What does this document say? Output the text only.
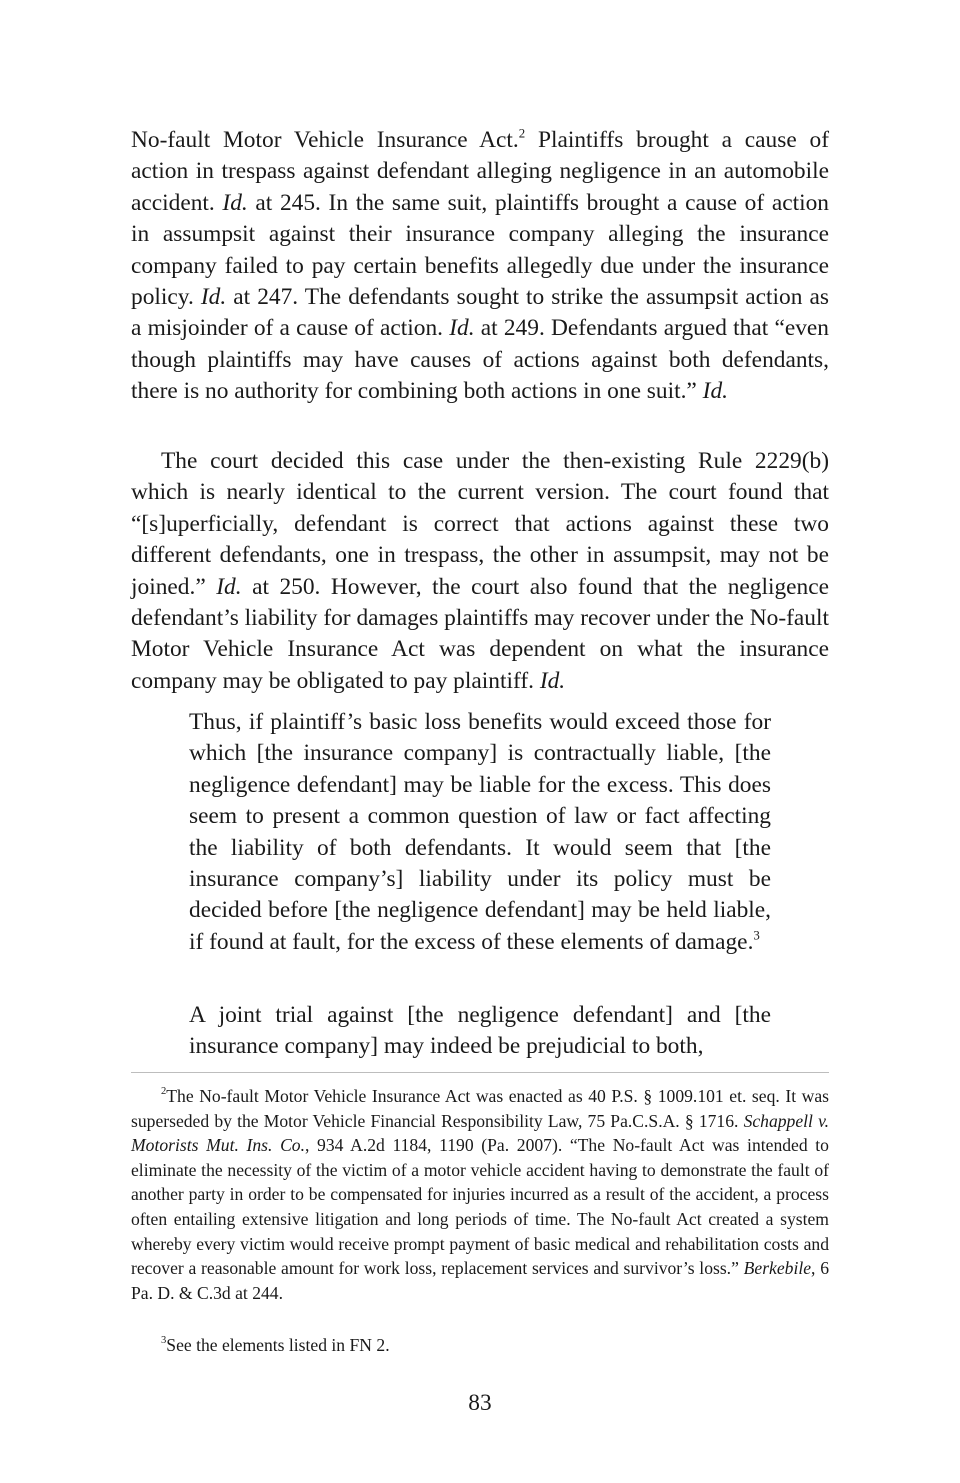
No-fault Motor Vehicle Insurance Act.$^2$ Plaintiffs brought a cause of action in trespass against defendant alleging negligence in an automobile accident. Id. at 245. In the same suit, plaintiffs brought a cause of action in assumpsit against their insurance company alleging the insurance company failed to pay certain benefits allegedly due under the insurance policy. Id. at 247. The defendants sought to strike the assumpsit action as a misjoinder of a cause of action. Id. at 249. Defendants argued that “even though plaintiffs may have causes of actions against both defendants, there is no authority for combining both actions in one suit.” Id.

The court decided this case under the then-existing Rule 2229(b) which is nearly identical to the current version. The court found that “[s]uperficially, defendant is correct that actions against these two different defendants, one in trespass, the other in assumpsit, may not be joined.” Id. at 250. However, the court also found that the negligence defendant’s liability for damages plaintiffs may recover under the No-fault Motor Vehicle Insurance Act was dependent on what the insurance company may be obligated to pay plaintiff. Id.

Thus, if plaintiff’s basic loss benefits would exceed those for which [the insurance company] is contractually liable, [the negligence defendant] may be liable for the excess. This does seem to present a common question of law or fact affecting the liability of both defendants. It would seem that [the insurance company’s] liability under its policy must be decided before [the negligence defendant] may be held liable, if found at fault, for the excess of these elements of damage.$^3$

A joint trial against [the negligence defendant] and [the insurance company] may indeed be prejudicial to both,

$^2$The No-fault Motor Vehicle Insurance Act was enacted as 40 P.S. § 1009.101 et. seq. It was superseded by the Motor Vehicle Financial Responsibility Law, 75 Pa.C.S.A. § 1716. Schappell v. Motorists Mut. Ins. Co., 934 A.2d 1184, 1190 (Pa. 2007). “The No-fault Act was intended to eliminate the necessity of the victim of a motor vehicle accident having to demonstrate the fault of another party in order to be compensated for injuries incurred as a result of the accident, a process often entailing extensive litigation and long periods of time. The No-fault Act created a system whereby every victim would receive prompt payment of basic medical and rehabilitation costs and recover a reasonable amount for work loss, replacement services and survivor’s loss.” Berkebile, 6 Pa. D. & C.3d at 244.

$^3$See the elements listed in FN 2.

83
